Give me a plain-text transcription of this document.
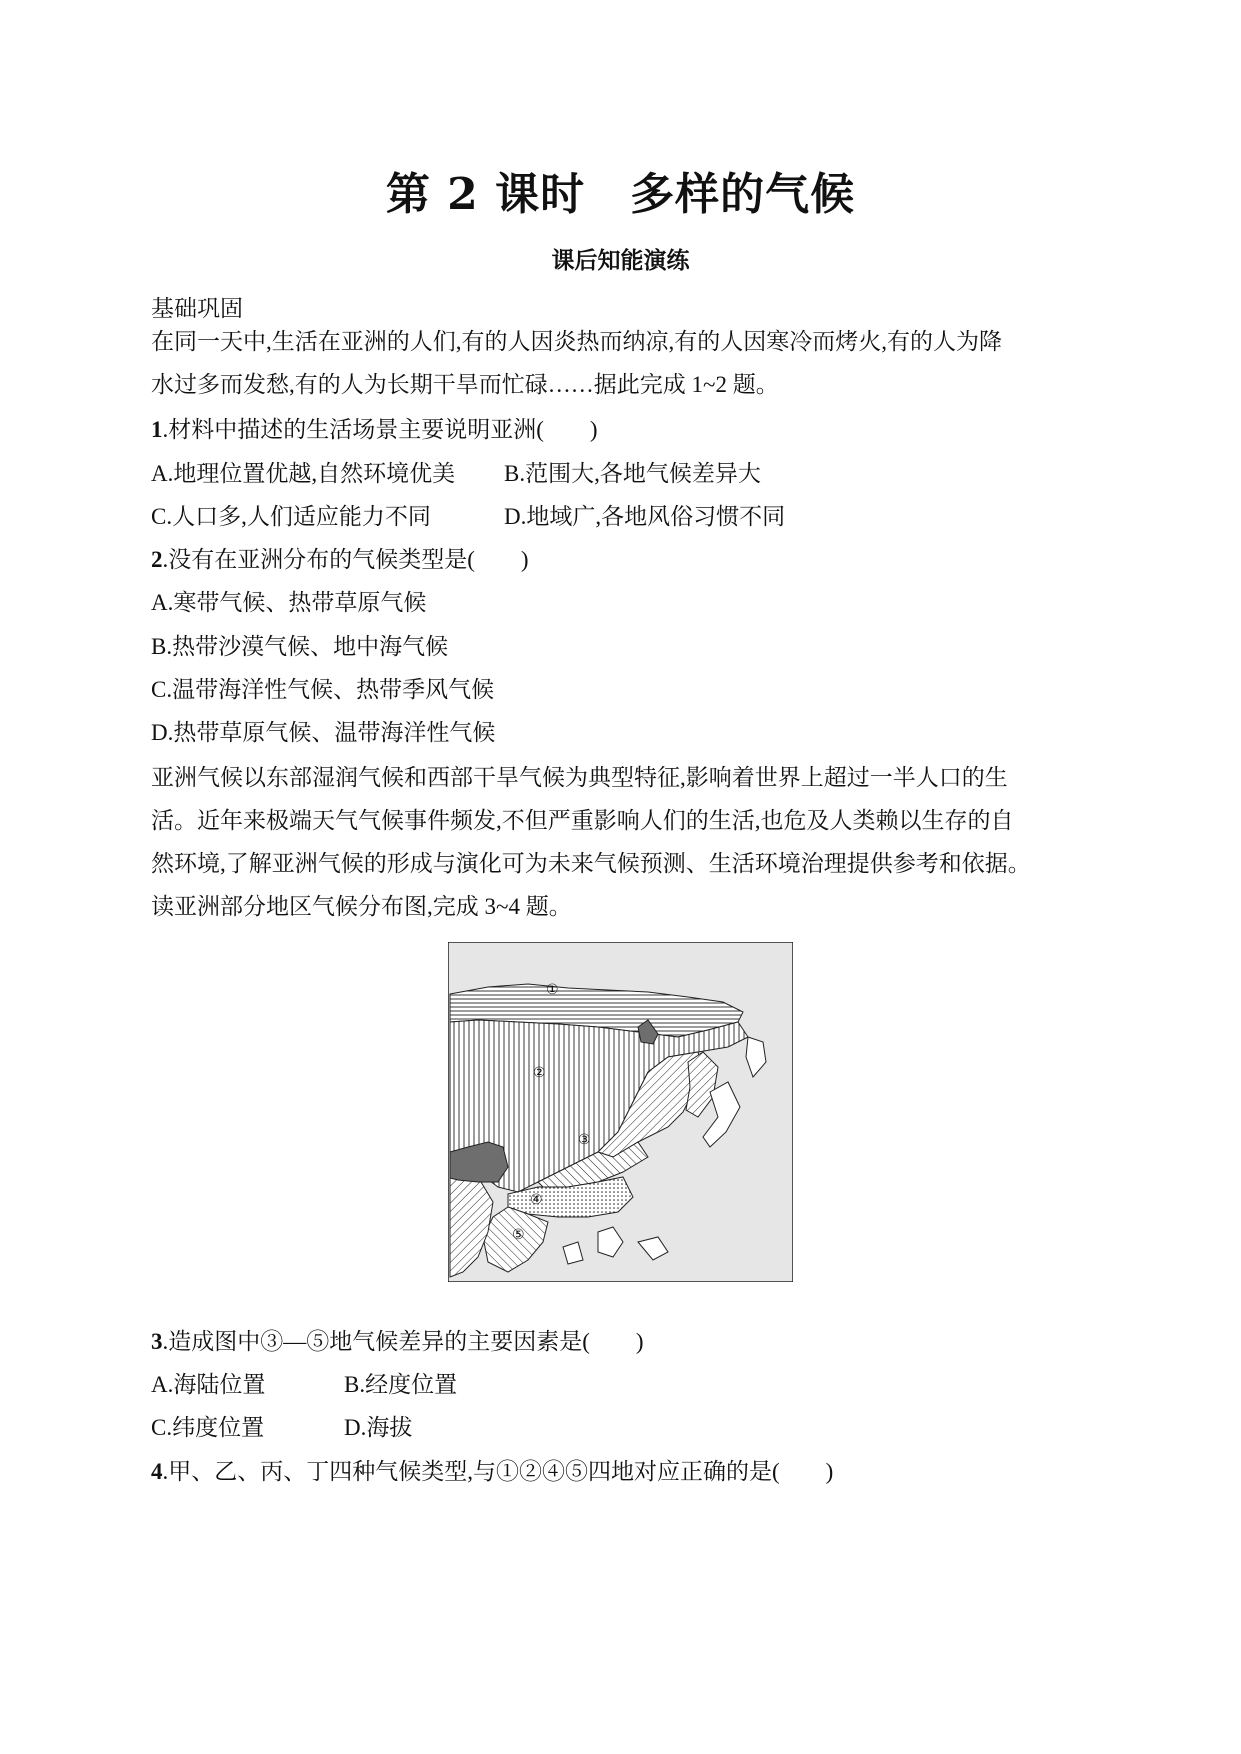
第 2 课时　多样的气候
课后知能演练
基础巩固
在同一天中,生活在亚洲的人们,有的人因炎热而纳凉,有的人因寒冷而烤火,有的人为降
水过多而发愁,有的人为长期干旱而忙碌……据此完成 1~2 题。
1.材料中描述的生活场景主要说明亚洲(　　)
A.地理位置优越,自然环境优美 B.范围大,各地气候差异大
C.人口多,人们适应能力不同	D.地域广,各地风俗习惯不同
2.没有在亚洲分布的气候类型是(　　)
A.寒带气候、热带草原气候
B.热带沙漠气候、地中海气候
C.温带海洋性气候、热带季风气候
D.热带草原气候、温带海洋性气候
亚洲气候以东部湿润气候和西部干旱气候为典型特征,影响着世界上超过一半人口的生
活。近年来极端天气气候事件频发,不但严重影响人们的生活,也危及人类赖以生存的自
然环境,了解亚洲气候的形成与演化可为未来气候预测、生活环境治理提供参考和依据。
读亚洲部分地区气候分布图,完成 3~4 题。
①
②
③
④
⑤
3.造成图中③—⑤地气候差异的主要因素是(　　)
A.海陆位置	B.经度位置
C.纬度位置	D.海拔
4.甲、乙、丙、丁四种气候类型,与①②④⑤四地对应正确的是(　　)
